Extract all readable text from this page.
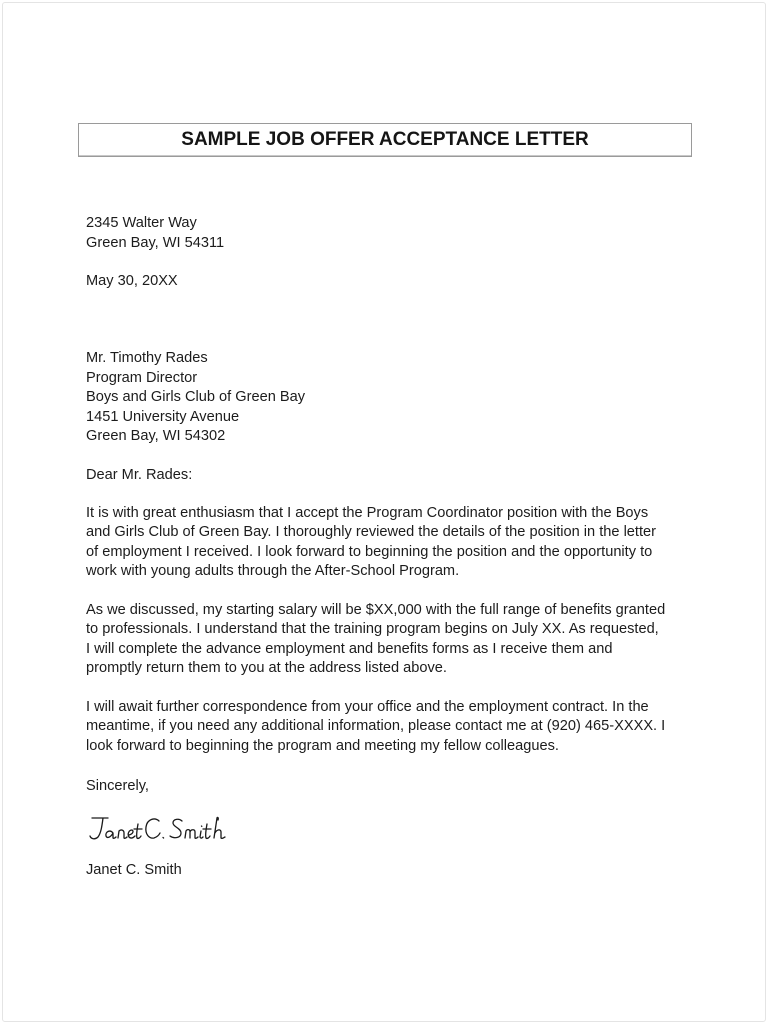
SAMPLE JOB OFFER ACCEPTANCE LETTER
2345 Walter Way
Green Bay, WI 54311
May 30, 20XX
Mr. Timothy Rades
Program Director
Boys and Girls Club of Green Bay
1451 University Avenue
Green Bay, WI 54302
Dear Mr. Rades:
It is with great enthusiasm that I accept the Program Coordinator position with the Boys
and Girls Club of Green Bay. I thoroughly reviewed the details of the position in the letter
of employment I received. I look forward to beginning the position and the opportunity to
work with young adults through the After-School Program.
As we discussed, my starting salary will be $XX,000 with the full range of benefits granted
to professionals. I understand that the training program begins on July XX. As requested,
I will complete the advance employment and benefits forms as I receive them and
promptly return them to you at the address listed above.
I will await further correspondence from your office and the employment contract. In the
meantime, if you need any additional information, please contact me at (920) 465-XXXX. I
look forward to beginning the program and meeting my fellow colleagues.
Sincerely,
Janet C. Smith
